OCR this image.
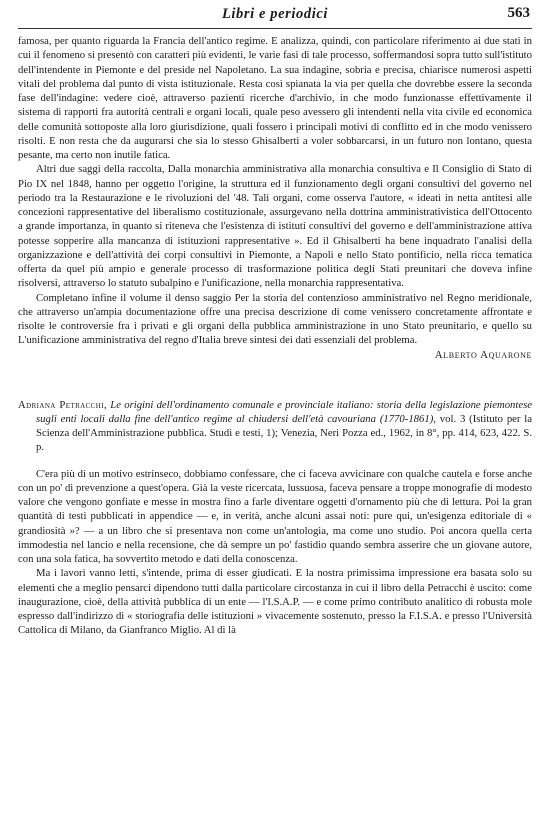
Libri e periodici	563

famosa, per quanto riguarda la Francia dell'antico regime. E analizza, quindi, con particolare riferimento ai due stati in cui il fenomeno si presentò con caratteri più evidenti, le varie fasi di tale processo, soffermandosi sopra tutto sull'istituto dell'intendente in Piemonte e del preside nel Napoletano. La sua indagine, sobria e precisa, chiarisce numerosi aspetti vitali del problema dal punto di vista istituzionale. Resta così spianata la via per quella che dovrebbe essere la seconda fase dell'indagine: vedere cioè, attraverso pazienti ricerche d'archivio, in che modo funzionasse effettivamente il sistema di rapporti fra autorità centrali e organi locali, quale peso avessero gli intendenti nella vita civile ed economica delle comunità sottoposte alla loro giurisdizione, quali fossero i principali motivi di conflitto ed in che modo venissero risolti. E non resta che da augurarsi che sia lo stesso Ghisalberti a voler sobbarcarsi, in un futuro non lontano, questa pesante, ma certo non inutile fatica.

Altri due saggi della raccolta, Dalla monarchia amministrativa alla monarchia consultiva e Il Consiglio di Stato di Pio IX nel 1848, hanno per oggetto l'origine, la struttura ed il funzionamento degli organi consultivi del governo nel periodo tra la Restaurazione e le rivoluzioni del '48. Tali organi, come osserva l'autore, « ideati in netta antitesi alle concezioni rappresentative del liberalismo costituzionale, assurgevano nella dottrina amministrativistica dell'Ottocento a grande importanza, in quanto si riteneva che l'esistenza di istituti consultivi del governo e dell'amministrazione attiva potesse sopperire alla mancanza di istituzioni rappresentative ». Ed il Ghisalberti ha bene inquadrato l'analisi della organizzazione e dell'attività dei corpi consultivi in Piemonte, a Napoli e nello Stato pontificio, nella ricca tematica offerta da quel più ampio e generale processo di trasformazione politica degli Stati preunitari che doveva infine risolversi, attraverso lo statuto subalpino e l'unificazione, nella monarchia rappresentativa.

Completano infine il volume il denso saggio Per la storia del contenzioso amministrativo nel Regno meridionale, che attraverso un'ampia documentazione offre una precisa descrizione di come venissero concretamente affrontate e risolte le controversie fra i privati e gli organi della pubblica amministrazione in uno Stato preunitario, e quello su L'unificazione amministrativa del regno d'Italia breve sintesi dei dati essenziali del problema.

Alberto Aquarone

Adriana Petracchi, Le origini dell'ordinamento comunale e provinciale italiano: storia della legislazione piemontese sugli enti locali dalla fine dell'antico regime al chiudersi dell'età cavouriana (1770-1861), vol. 3 (Istituto per la Scienza dell'Amministrazione pubblica. Studi e testi, 1); Venezia, Neri Pozza ed., 1962, in 8°, pp. 414, 623, 422. S. p.

C'era più di un motivo estrinseco, dobbiamo confessare, che ci faceva avvicinare con qualche cautela e forse anche con un po' di prevenzione a quest'opera. Già la veste ricercata, lussuosa, faceva pensare a troppe monografie di modesto valore che vengono gonfiate e messe in mostra fino a farle diventare oggetti d'ornamento più che di lettura. Poi la gran quantità di testi pubblicati in appendice — e, in verità, anche alcuni assai noti: pure qui, un'esigenza editoriale di « grandiosità »? — a un libro che si presentava non come un'antologia, ma come uno studio. Poi ancora quella certa immodestia nel lancio e nella recensione, che dà sempre un po' fastidio quando sembra asserire che un giovane autore, con una sola fatica, ha sovvertito metodo e dati della conoscenza.

Ma i lavori vanno letti, s'intende, prima di esser giudicati. E la nostra primissima impressione era basata solo su elementi che a meglio pensarci dipendono tutti dalla particolare circostanza in cui il libro della Petracchi è uscito: come inaugurazione, cioè, della attività pubblica di un ente — l'I.S.A.P. — e come primo contributo analitico di robusta mole espresso dall'indirizzo di « storiografia delle istituzioni » vivacemente sostenuto, presso la F.I.S.A. e presso l'Università Cattolica di Milano, da Gianfranco Miglio. Al di là
